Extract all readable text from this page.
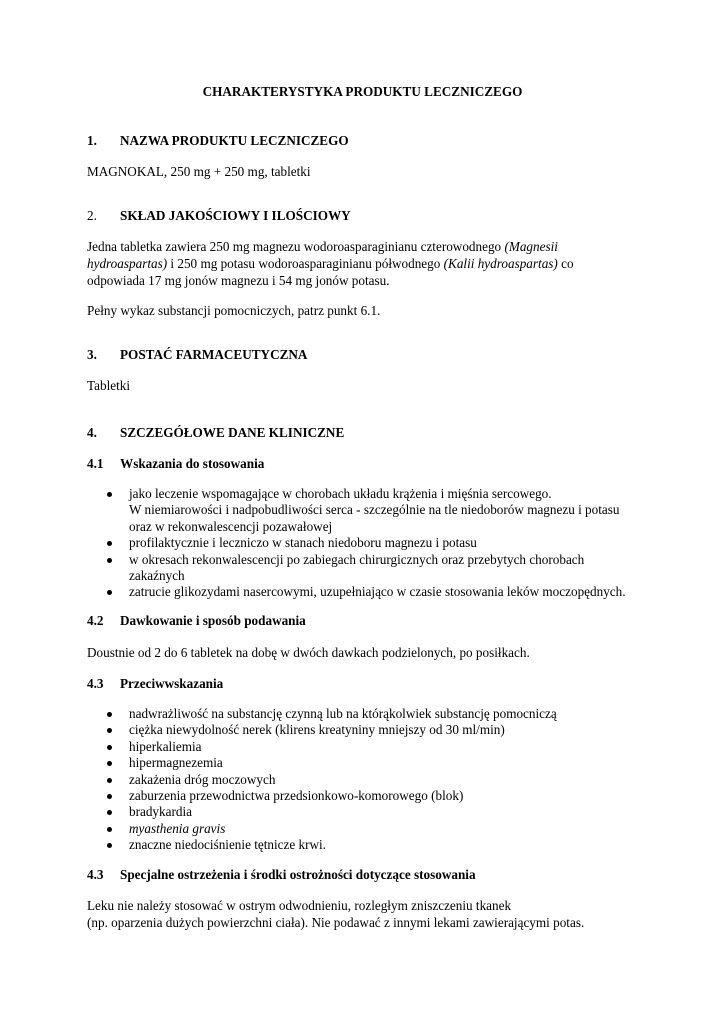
CHARAKTERYSTYKA PRODUKTU LECZNICZEGO
1. NAZWA PRODUKTU LECZNICZEGO
MAGNOKAL, 250 mg + 250 mg, tabletki
2. SKŁAD JAKOŚCIOWY I ILOŚCIOWY
Jedna tabletka zawiera 250 mg magnezu wodoroasparaginianu czterowodnego (Magnesii
hydroaspartas) i 250 mg potasu wodoroasparaginianu półwodnego (Kalii hydroaspartas) co
odpowiada 17 mg jonów magnezu i 54 mg jonów potasu.
Pełny wykaz substancji pomocniczych, patrz punkt 6.1.
3. POSTAĆ FARMACEUTYCZNA
Tabletki
4. SZCZEGÓŁOWE DANE KLINICZNE
4.1 Wskazania do stosowania
jako leczenie wspomagające w chorobach układu krążenia i mięśnia sercowego.
W niemiarowości i nadpobudliwości serca - szczególnie na tle niedoborów magnezu i potasu
oraz w rekonwalescencji pozawałowej
profilaktycznie i leczniczo w stanach niedoboru magnezu i potasu
w okresach rekonwalescencji po zabiegach chirurgicznych oraz przebytych chorobach
zakaźnych
zatrucie glikozydami nasercowymi, uzupełniająco w czasie stosowania leków moczopędnych.
4.2 Dawkowanie i sposób podawania
Doustnie od 2 do 6 tabletek na dobę w dwóch dawkach podzielonych, po posiłkach.
4.3 Przeciwwskazania
nadwrażliwość na substancję czynną lub na którąkolwiek substancję pomocniczą
ciężka niewydolność nerek (klirens kreatyniny mniejszy od 30 ml/min)
hiperkaliemia
hipermagnezemia
zakażenia dróg moczowych
zaburzenia przewodnictwa przedsionkowo-komorowego (blok)
bradykardia
myasthenia gravis
znaczne niedociśnienie tętnicze krwi.
4.3 Specjalne ostrzeżenia i środki ostrożności dotyczące stosowania
Leku nie należy stosować w ostrym odwodnieniu, rozległym zniszczeniu tkanek
(np. oparzenia dużych powierzchni ciała). Nie podawać z innymi lekami zawierającymi potas.
